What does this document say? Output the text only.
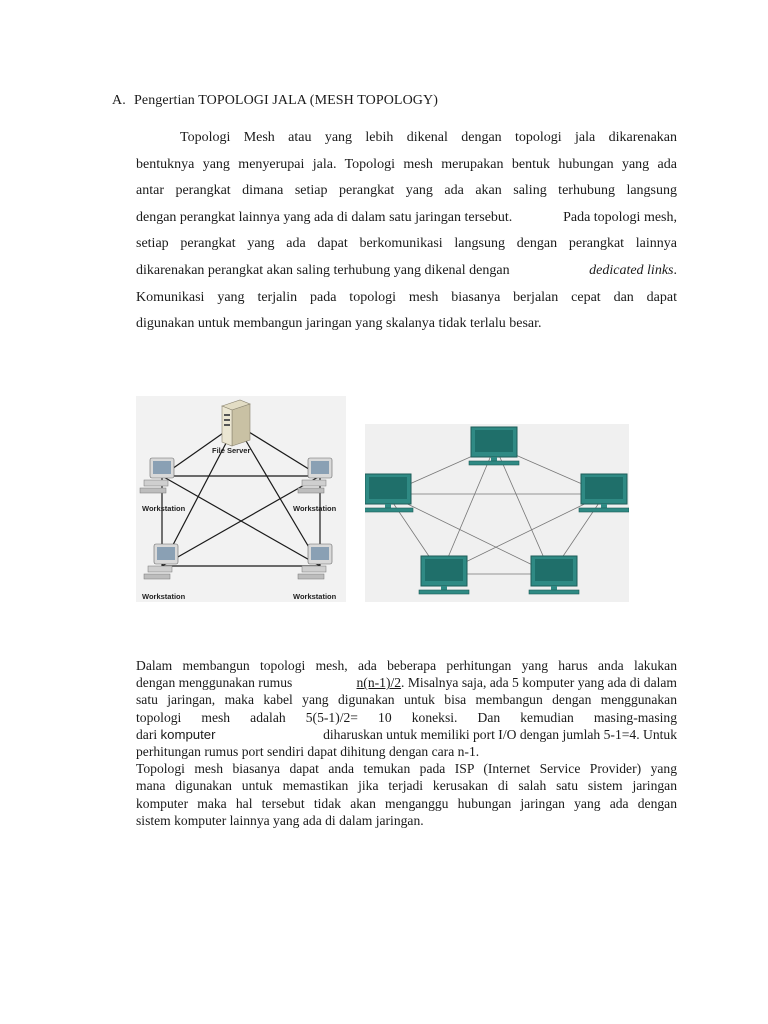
A. Pengertian TOPOLOGI JALA (MESH TOPOLOGY)
Topologi Mesh atau yang lebih dikenal dengan topologi jala dikarenakan
bentuknya yang menyerupai jala. Topologi mesh merupakan bentuk hubungan yang ada
antar perangkat dimana setiap perangkat yang ada akan saling terhubung langsung
dengan perangkat lainnya yang ada di dalam satu jaringan tersebut.	Pada topologi mesh,
setiap perangkat yang ada dapat berkomunikasi langsung dengan perangkat lainnya
dikarenakan perangkat akan saling terhubung yang dikenal dengan	dedicated links.
Komunikasi yang terjalin pada topologi mesh biasanya berjalan cepat dan dapat
digunakan untuk membangun jaringan yang skalanya tidak terlalu besar.
File Server
Workstation	Workstation
Workstation	Workstation
Dalam membangun topologi mesh, ada beberapa perhitungan yang harus anda lakukan
dengan menggunakan rumus	n(n-1)/2. Misalnya saja, ada 5 komputer yang ada di dalam
satu jaringan, maka kabel yang digunakan untuk bisa membangun dengan menggunakan
topologi mesh adalah 5(5-1)/2= 10 koneksi. Dan kemudian masing-masing
dari komputer	diharuskan untuk memiliki port I/O dengan jumlah 5-1=4. Untuk
perhitungan rumus port sendiri dapat dihitung dengan cara n-1.
Topologi mesh biasanya dapat anda temukan pada ISP (Internet Service Provider) yang
mana digunakan untuk memastikan jika terjadi kerusakan di salah satu sistem jaringan
komputer maka hal tersebut tidak akan menganggu hubungan jaringan yang ada dengan
sistem komputer lainnya yang ada di dalam jaringan.
